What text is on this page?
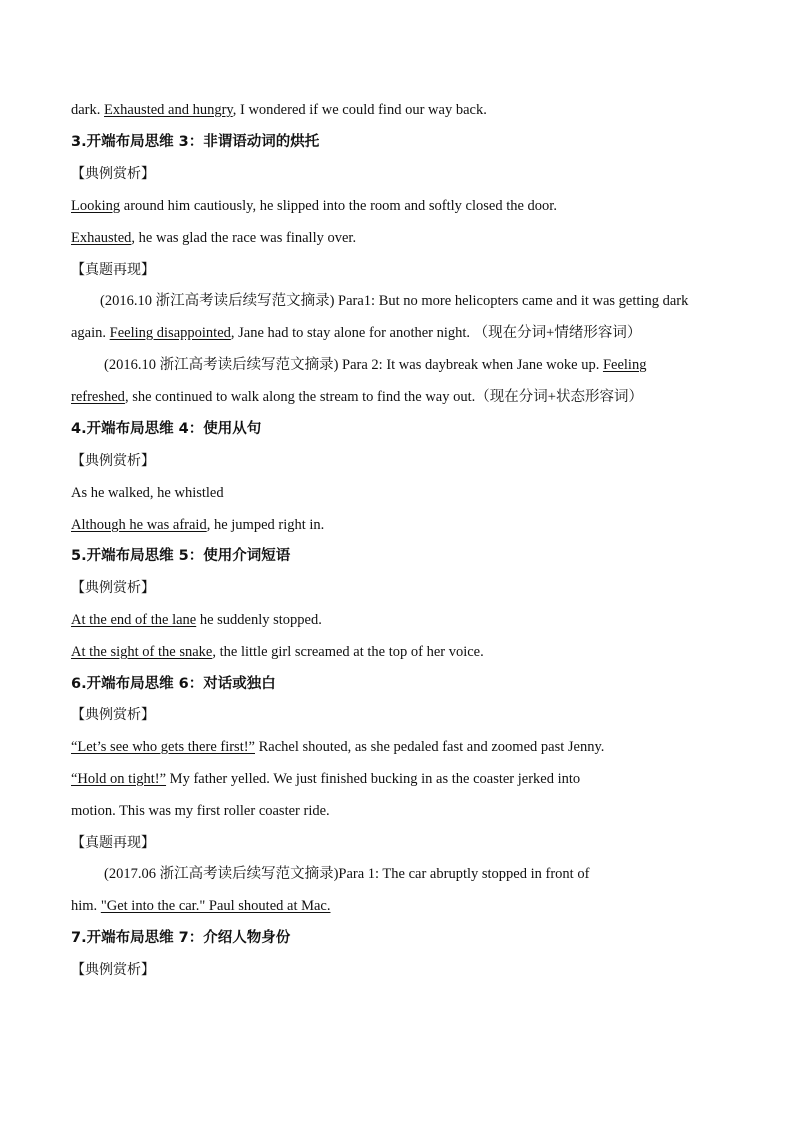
dark. Exhausted and hungry, I wondered if we could find our way back.
3.开端布局思维 3：非谓语动词的烘托
【典例赏析】
Looking around him cautiously, he slipped into the room and softly closed the door.
Exhausted, he was glad the race was finally over.
【真题再现】
(2016.10 浙江高考读后续写范文摘录) Para1: But no more helicopters came and it was getting dark
again. Feeling disappointed, Jane had to stay alone for another night. （现在分词+情绪形容词）
(2016.10 浙江高考读后续写范文摘录) Para 2: It was daybreak when Jane woke up. Feeling
refreshed, she continued to walk along the stream to find the way out.（现在分词+状态形容词）
4.开端布局思维 4：使用从句
【典例赏析】
As he walked, he whistled
Although he was afraid, he jumped right in.
5.开端布局思维 5：使用介词短语
【典例赏析】
At the end of the lane he suddenly stopped.
At the sight of the snake, the little girl screamed at the top of her voice.
6.开端布局思维 6：对话或独白
【典例赏析】
“Let’s see who gets there first!” Rachel shouted, as she pedaled fast and zoomed past Jenny.
“Hold on tight!” My father yelled. We just finished bucking in as the coaster jerked into
motion. This was my first roller coaster ride.
【真题再现】
(2017.06 浙江高考读后续写范文摘录)Para 1: The car abruptly stopped in front of
him. "Get into the car." Paul shouted at Mac.
7.开端布局思维 7：介绍人物身份
【典例赏析】
